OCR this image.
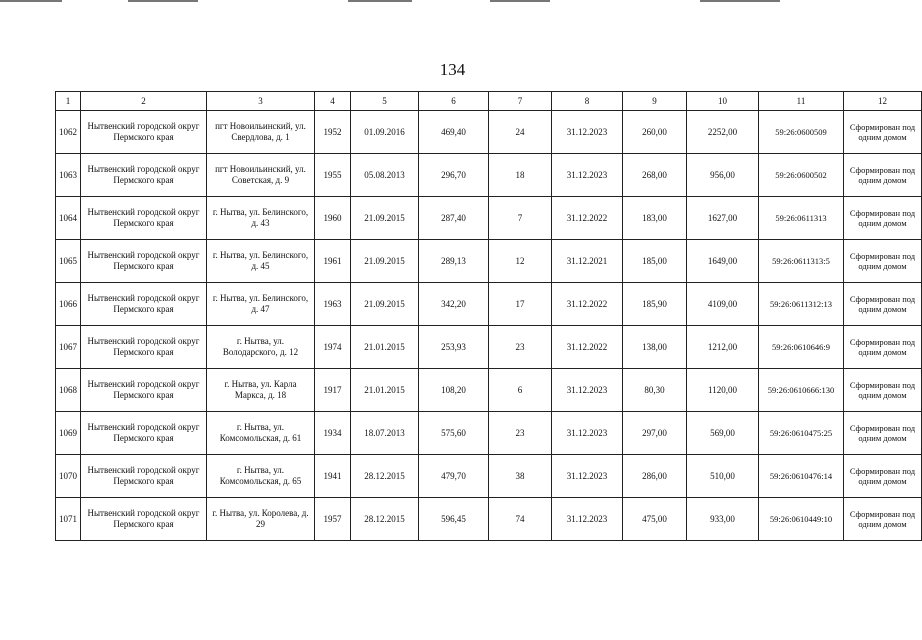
134
1	2	3	4	5	6	7	8	9	10	11	12
1062	Нытвенский городской округ Пермского края	пгт Новоильинский, ул. Свердлова, д. 1	1952	01.09.2016	469,40	24	31.12.2023	260,00	2252,00	59:26:0600509	Сформирован под одним домом
1063	Нытвенский городской округ Пермского края	пгт Новоильинский, ул. Советская, д. 9	1955	05.08.2013	296,70	18	31.12.2023	268,00	956,00	59:26:0600502	Сформирован под одним домом
1064	Нытвенский городской округ Пермского края	г. Нытва, ул. Белинского, д. 43	1960	21.09.2015	287,40	7	31.12.2022	183,00	1627,00	59:26:0611313	Сформирован под одним домом
1065	Нытвенский городской округ Пермского края	г. Нытва, ул. Белинского, д. 45	1961	21.09.2015	289,13	12	31.12.2021	185,00	1649,00	59:26:0611313:5	Сформирован под одним домом
1066	Нытвенский городской округ Пермского края	г. Нытва, ул. Белинского, д. 47	1963	21.09.2015	342,20	17	31.12.2022	185,90	4109,00	59:26:0611312:13	Сформирован под одним домом
1067	Нытвенский городской округ Пермского края	г. Нытва, ул. Володарского, д. 12	1974	21.01.2015	253,93	23	31.12.2022	138,00	1212,00	59:26:0610646:9	Сформирован под одним домом
1068	Нытвенский городской округ Пермского края	г. Нытва, ул. Карла Маркса, д. 18	1917	21.01.2015	108,20	6	31.12.2023	80,30	1120,00	59:26:0610666:130	Сформирован под одним домом
1069	Нытвенский городской округ Пермского края	г. Нытва, ул. Комсомольская, д. 61	1934	18.07.2013	575,60	23	31.12.2023	297,00	569,00	59:26:0610475:25	Сформирован под одним домом
1070	Нытвенский городской округ Пермского края	г. Нытва, ул. Комсомольская, д. 65	1941	28.12.2015	479,70	38	31.12.2023	286,00	510,00	59:26:0610476:14	Сформирован под одним домом
1071	Нытвенский городской округ Пермского края	г. Нытва, ул. Королева, д. 29	1957	28.12.2015	596,45	74	31.12.2023	475,00	933,00	59:26:0610449:10	Сформирован под одним домом
